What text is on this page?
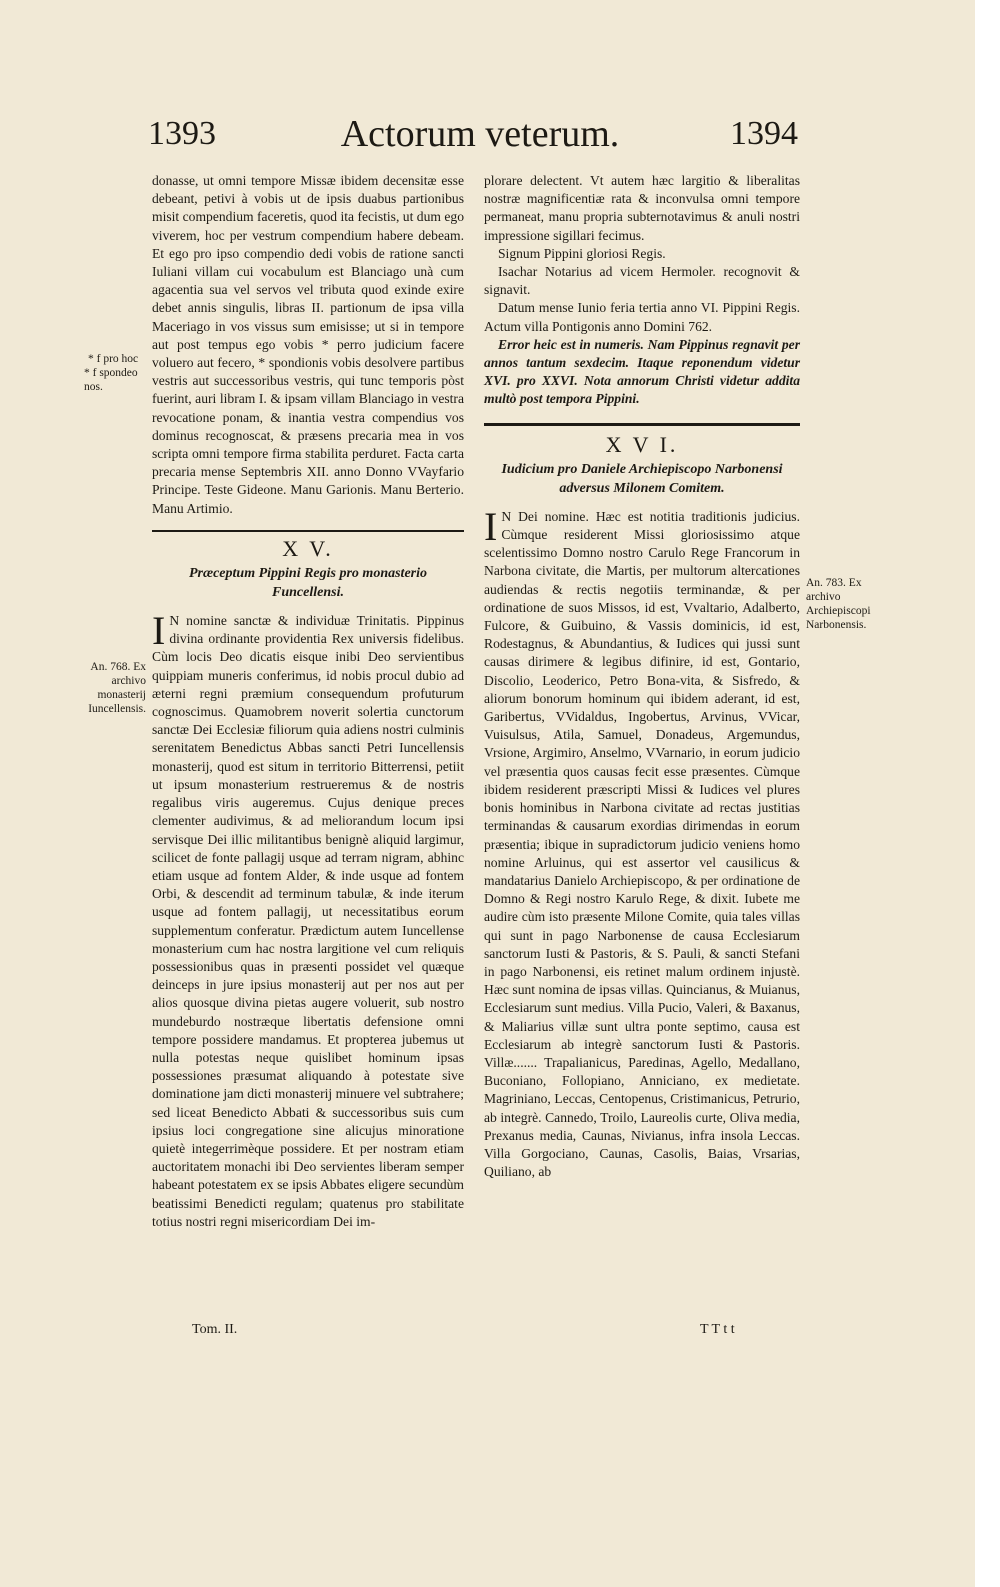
1393	Actorum veterum.	1394
* f pro hoc
* f spondeo nos.
An. 768. Ex archivo monasterij Iuncellensis.
An. 783. Ex archivo Archiepiscopi Narbonensis.

donasse, ut omni tempore Missæ ibidem decensitæ esse debeant, petivi à vobis ut de ipsis duabus partionibus misit compendium faceretis, quod ita fecistis, ut dum ego viverem, hoc per vestrum compendium habere debeam. Et ego pro ipso compendio dedi vobis de ratione sancti Iuliani villam cui vocabulum est Blanciago unà cum agacentia sua vel servos vel tributa quod exinde exire debet annis singulis, libras II. partionum de ipsa villa Maceriago in vos vissus sum emisisse; ut si in tempore aut post tempus ego vobis * perro judicium facere voluero aut fecero, * spondionis vobis desolvere partibus vestris aut successoribus vestris, qui tunc temporis pòst fuerint, auri libram I. & ipsam villam Blanciago in vestra revocatione ponam, & inantia vestra compendius vos dominus recognoscat, & præsens precaria mea in vos scripta omni tempore firma stabilita perduret. Facta carta precaria mense Septembris XII. anno Donno VVayfario Principe. Teste Gideone. Manu Garionis. Manu Berterio. Manu Artimio.

X V.
Præceptum Pippini Regis pro monasterio Funcellensi.

I N nomine sanctæ & individuæ Trinitatis. Pippinus divina ordinante providentia Rex universis fidelibus. Cùm locis Deo dicatis eisque inibi Deo servientibus quippiam muneris conferimus, id nobis procul dubio ad æterni regni præmium consequendum profuturum cognoscimus. Quamobrem noverit solertia cunctorum sanctæ Dei Ecclesiæ filiorum quia adiens nostri culminis serenitatem Benedictus Abbas sancti Petri Iuncellensis monasterij, quod est situm in territorio Bitterrensi, petiit ut ipsum monasterium restrueremus & de nostris regalibus viris augeremus. Cujus denique preces clementer audivimus, & ad meliorandum locum ipsi servisque Dei illic militantibus benignè aliquid largimur, scilicet de fonte pallagij usque ad terram nigram, abhinc etiam usque ad fontem Alder, & inde usque ad fontem Orbi, & descendit ad terminum tabulæ, & inde iterum usque ad fontem pallagij, ut necessitatibus eorum supplementum conferatur. Prædictum autem Iuncellense monasterium cum hac nostra largitione vel cum reliquis possessionibus quas in præsenti possidet vel quæque deinceps in jure ipsius monasterij aut per nos aut per alios quosque divina pietas augere voluerit, sub nostro mundeburdo nostræque libertatis defensione omni tempore possidere mandamus. Et propterea jubemus ut nulla potestas neque quislibet hominum ipsas possessiones præsumat aliquando à potestate sive dominatione jam dicti monasterij minuere vel subtrahere; sed liceat Benedicto Abbati & successoribus suis cum ipsius loci congregatione sine alicujus minoratione quietè integerrimèque possidere. Et per nostram etiam auctoritatem monachi ibi Deo servientes liberam semper habeant potestatem ex se ipsis Abbates eligere secundùm beatissimi Benedicti regulam; quatenus pro stabilitate totius nostri regni misericordiam Dei im-

Tom. II.

plorare delectent. Vt autem hæc largitio & liberalitas nostræ magnificentiæ rata & inconvulsa omni tempore permaneat, manu propria subternotavimus & anuli nostri impressione sigillari fecimus.

Signum Pippini gloriosi Regis.

Isachar Notarius ad vicem Hermoler. recognovit & signavit.

Datum mense Iunio feria tertia anno VI. Pippini Regis. Actum villa Pontigonis anno Domini 762.

Error heic est in numeris. Nam Pippinus regnavit per annos tantum sexdecim. Itaque reponendum videtur XVI. pro XXVI. Nota annorum Christi videtur addita multò post tempora Pippini.

X V I.
Iudicium pro Daniele Archiepiscopo Narbonensi adversus Milonem Comitem.

I N Dei nomine. Hæc est notitia traditionis judicius. Cùmque residerent Missi gloriosissimo atque scelentissimo Domno nostro Carulo Rege Francorum in Narbona civitate, die Martis, per multorum altercationes audiendas & rectis negotiis terminandæ, & per ordinatione de suos Missos, id est, Vvaltario, Adalberto, Fulcore, & Guibuino, & Vassis dominicis, id est, Rodestagnus, & Abundantius, & Iudices qui jussi sunt causas dirimere & legibus difinire, id est, Gontario, Discolio, Leoderico, Petro Bona-vita, & Sisfredo, & aliorum bonorum hominum qui ibidem aderant, id est, Garibertus, VVidaldus, Ingobertus, Arvinus, VVicar, Vuisulsus, Atila, Samuel, Donadeus, Argemundus, Vrsione, Argimiro, Anselmo, VVarnario, in eorum judicio vel præsentia quos causas fecit esse præsentes. Cùmque ibidem residerent præscripti Missi & Iudices vel plures bonis hominibus in Narbona civitate ad rectas justitias terminandas & causarum exordias dirimendas in eorum præsentia; ibique in supradictorum judicio veniens homo nomine Arluinus, qui est assertor vel causilicus & mandatarius Danielo Archiepiscopo, & per ordinatione de Domno & Regi nostro Karulo Rege, & dixit. Iubete me audire cùm isto præsente Milone Comite, quia tales villas qui sunt in pago Narbonense de causa Ecclesiarum sanctorum Iusti & Pastoris, & S. Pauli, & sancti Stefani in pago Narbonensi, eis retinet malum ordinem injustè. Hæc sunt nomina de ipsas villas. Quincianus, & Muianus, Ecclesiarum sunt medius. Villa Pucio, Valeri, & Baxanus, & Maliarius villæ sunt ultra ponte septimo, causa est Ecclesiarum ab integrè sanctorum Iusti & Pastoris. Villæ....... Trapalianicus, Paredinas, Agello, Medallano, Buconiano, Follopiano, Anniciano, ex medietate. Magriniano, Leccas, Centopenus, Cristimanicus, Petrurio, ab integrè. Cannedo, Troilo, Laureolis curte, Oliva media, Prexanus media, Caunas, Nivianus, infra insola Leccas. Villa Gorgociano, Caunas, Casolis, Baias, Vrsarias, Quiliano, ab

T T t t
